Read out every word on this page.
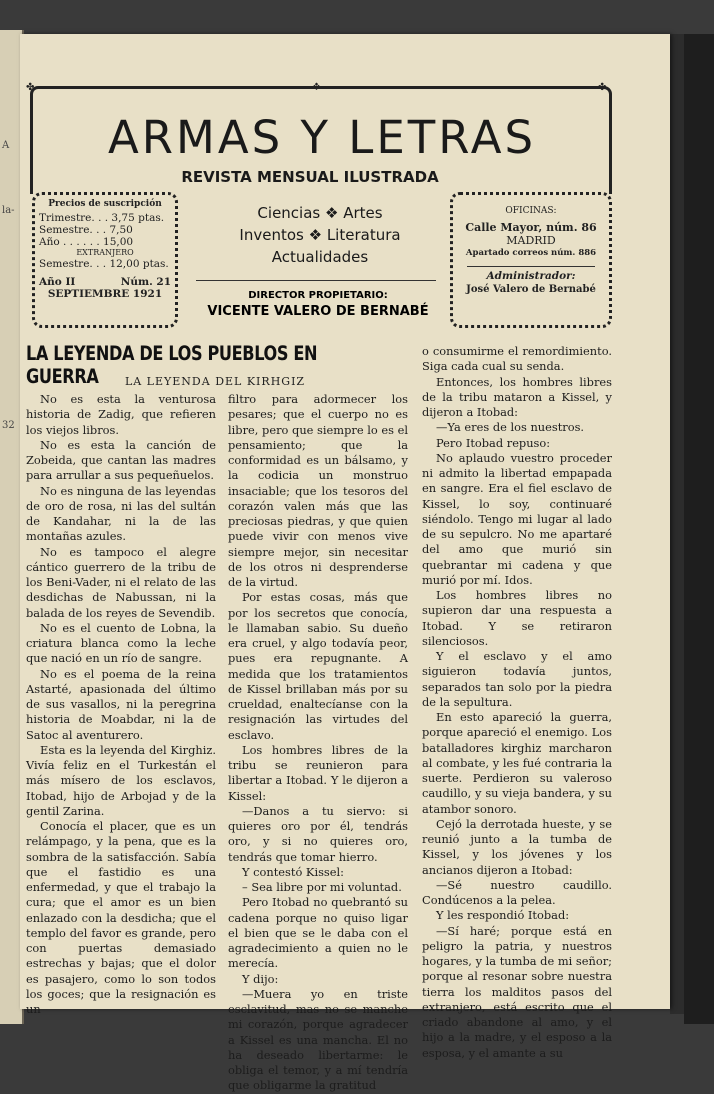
A
la-
32
✤	✤
❖
ARMAS Y LETRAS
REVISTA MENSUAL ILUSTRADA
Precios de suscripción
Trimestre. . . 3,75 ptas.
Semestre. . . 7,50
Año . . . . . . 15,00
EXTRANJERO
Semestre. . . 12,00 ptas.
Año II	Núm. 21
SEPTIEMBRE 1921
Ciencias ❖ Artes
Inventos ❖ Literatura
Actualidades
DIRECTOR PROPIETARIO:
VICENTE VALERO DE BERNABÉ
OFICINAS:
Calle Mayor, núm. 86
MADRID
Apartado correos núm. 886
Administrador:
José Valero de Bernabé
LA LEYENDA DE LOS PUEBLOS EN GUERRA	LA LEYENDA DEL KIRHGIZ

No es esta la venturosa historia de Zadig, que refieren los viejos libros.

No es esta la canción de Zobeida, que cantan las madres para arrullar a sus pequeñuelos.

No es ninguna de las leyendas de oro de rosa, ni las del sultán de Kandahar, ni la de las montañas azules.

No es tampoco el alegre cántico guerrero de la tribu de los Beni-Vader, ni el relato de las desdichas de Nabussan, ni la balada de los reyes de Sevendib.

No es el cuento de Lobna, la criatura blanca como la leche que nació en un río de sangre.

No es el poema de la reina Astarté, apasionada del último de sus vasallos, ni la peregrina historia de Moabdar, ni la de Satoc al aventurero.

Esta es la leyenda del Kirghiz. Vivía feliz en el Turkestán el más mísero de los esclavos, Itobad, hijo de Arbojad y de la gentil Zarina.

Conocía el placer, que es un relámpago, y la pena, que es la sombra de la satisfacción. Sabía que el fastidio es una enfermedad, y que el trabajo la cura; que el amor es un bien enlazado con la desdicha; que el templo del favor es grande, pero con puertas demasiado estrechas y bajas; que el dolor es pasajero, como lo son todos los goces; que la resignación es un

filtro para adormecer los pesares; que el cuerpo no es libre, pero que siempre lo es el pensamiento; que la conformidad es un bálsamo, y la codicia un monstruo insaciable; que los tesoros del corazón valen más que las preciosas piedras, y que quien puede vivir con menos vive siempre mejor, sin necesitar de los otros ni desprenderse de la virtud.

Por estas cosas, más que por los secretos que conocía, le llamaban sabio. Su dueño era cruel, y algo todavía peor, pues era repugnante. A medida que los tratamientos de Kissel brillaban más por su crueldad, enaltecíanse con la resignación las virtudes del esclavo.

Los hombres libres de la tribu se reunieron para libertar a Itobad. Y le dijeron a Kissel:

—Danos a tu siervo: si quieres oro por él, tendrás oro, y si no quieres oro, tendrás que tomar hierro.

Y contestó Kissel:

– Sea libre por mi voluntad.

Pero Itobad no quebrantó su cadena porque no quiso ligar el bien que se le daba con el agradecimiento a quien no le merecía.

Y dijo:

—Muera yo en triste esclavitud, mas no se manche mi corazón, porque agradecer a Kissel es una mancha. El no ha deseado libertarme: le obliga el temor, y a mí tendría que obligarme la gratitud

o consumirme el remordimiento. Siga cada cual su senda.

Entonces, los hombres libres de la tribu mataron a Kissel, y dijeron a Itobad:

—Ya eres de los nuestros.

Pero Itobad repuso:

No aplaudo vuestro proceder ni admito la libertad empapada en sangre. Era el fiel esclavo de Kissel, lo soy, continuaré siéndolo. Tengo mi lugar al lado de su sepulcro. No me apartaré del amo que murió sin quebrantar mi cadena y que murió por mí. Idos.

Los hombres libres no supieron dar una respuesta a Itobad. Y se retiraron silenciosos.

Y el esclavo y el amo siguieron todavía juntos, separados tan solo por la piedra de la sepultura.

En esto apareció la guerra, porque apareció el enemigo. Los batalladores kirghiz marcharon al combate, y les fué contraria la suerte. Perdieron su valeroso caudillo, y su vieja bandera, y su atambor sonoro.

Cejó la derrotada hueste, y se reunió junto a la tumba de Kissel, y los jóvenes y los ancianos dijeron a Itobad:

—Sé nuestro caudillo. Condúcenos a la pelea.

Y les respondió Itobad:

—Sí haré; porque está en peligro la patria, y nuestros hogares, y la tumba de mi señor; porque al resonar sobre nuestra tierra los malditos pasos del extranjero, está escrito que el criado abandone al amo, y el hijo a la madre, y el esposo a la esposa, y el amante a su
